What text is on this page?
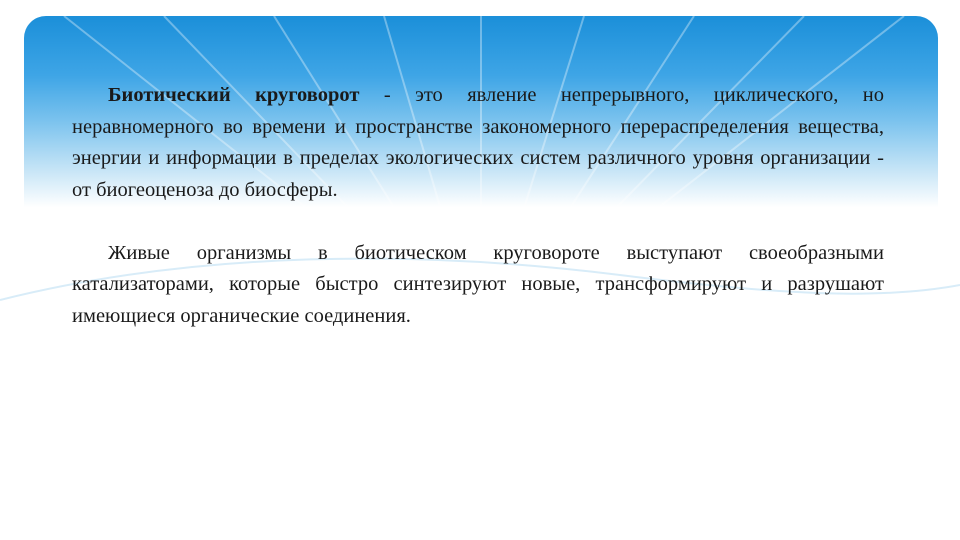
Биотический круговорот - это явление непрерывного, циклического, но неравномерного во времени и пространстве закономерного перераспределения вещества, энергии и информации в пределах экологических систем различного уровня организации - от биогеоценоза до биосферы.

Живые организмы в биотическом круговороте выступают своеобразными катализаторами, которые быстро синтезируют новые, трансформируют и разрушают имеющиеся органические соединения.
